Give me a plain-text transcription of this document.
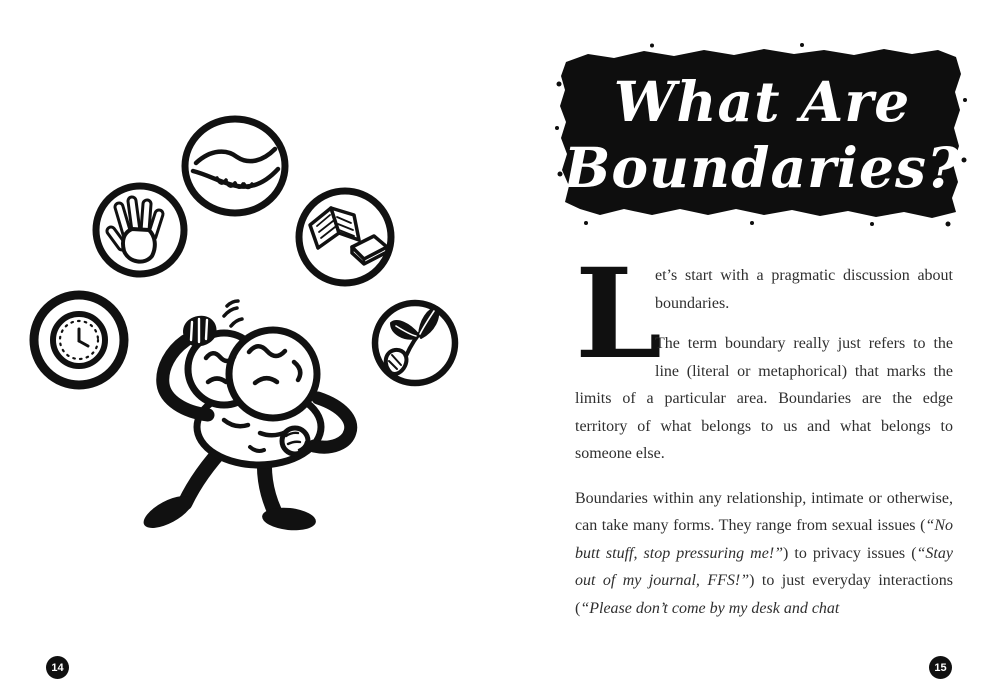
What Are
Boundaries?
L

et’s start with a pragmatic discussion about boundaries.

The term boundary really just refers to the line (literal or metaphorical) that marks the limits of a particular area. Boundaries are the edge territory of what belongs to us and what belongs to someone else.

Boundaries within any relationship, intimate or otherwise, can take many forms. They range from sexual issues (“No butt stuff, stop pressuring me!”) to privacy issues (“Stay out of my journal, FFS!”) to just everyday interactions (“Please don’t come by my desk and chat

14	15
